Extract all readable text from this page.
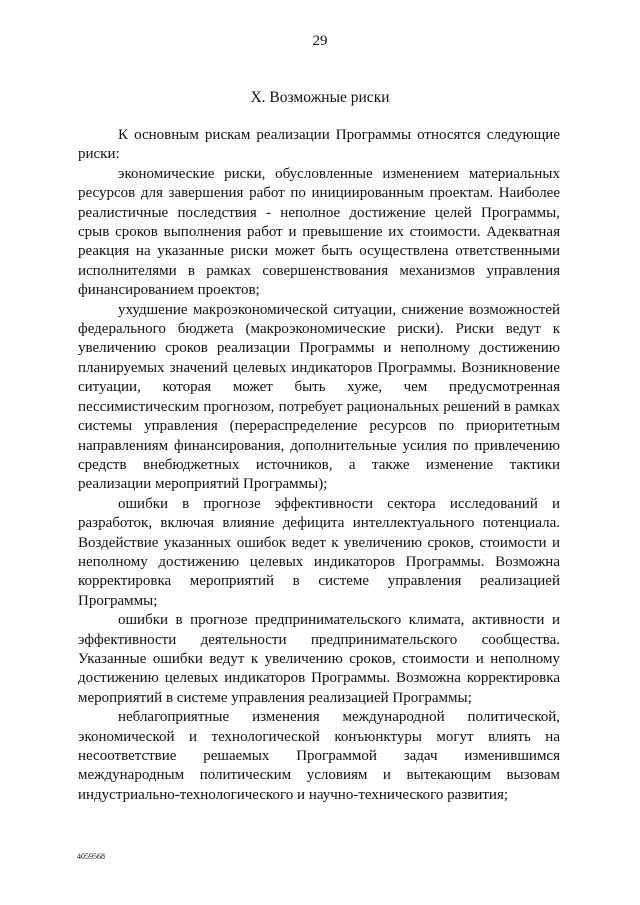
29
X. Возможные риски

К основным рискам реализации Программы относятся следующие риски:

экономические риски, обусловленные изменением материальных ресурсов для завершения работ по инициированным проектам. Наиболее реалистичные последствия - неполное достижение целей Программы, срыв сроков выполнения работ и превышение их стоимости. Адекватная реакция на указанные риски может быть осуществлена ответственными исполнителями в рамках совершенствования механизмов управления финансированием проектов;

ухудшение макроэкономической ситуации, снижение возможностей федерального бюджета (макроэкономические риски). Риски ведут к увеличению сроков реализации Программы и неполному достижению планируемых значений целевых индикаторов Программы. Возникновение ситуации, которая может быть хуже, чем предусмотренная пессимистическим прогнозом, потребует рациональных решений в рамках системы управления (перераспределение ресурсов по приоритетным направлениям финансирования, дополнительные усилия по привлечению средств внебюджетных источников, а также изменение тактики реализации мероприятий Программы);

ошибки в прогнозе эффективности сектора исследований и разработок, включая влияние дефицита интеллектуального потенциала. Воздействие указанных ошибок ведет к увеличению сроков, стоимости и неполному достижению целевых индикаторов Программы. Возможна корректировка мероприятий в системе управления реализацией Программы;

ошибки в прогнозе предпринимательского климата, активности и эффективности деятельности предпринимательского сообщества. Указанные ошибки ведут к увеличению сроков, стоимости и неполному достижению целевых индикаторов Программы. Возможна корректировка мероприятий в системе управления реализацией Программы;

неблагоприятные изменения международной политической, экономической и технологической конъюнктуры могут влиять на несоответствие решаемых Программой задач изменившимся международным политическим условиям и вытекающим вызовам индустриально-технологического и научно-технического развития;

4059568
